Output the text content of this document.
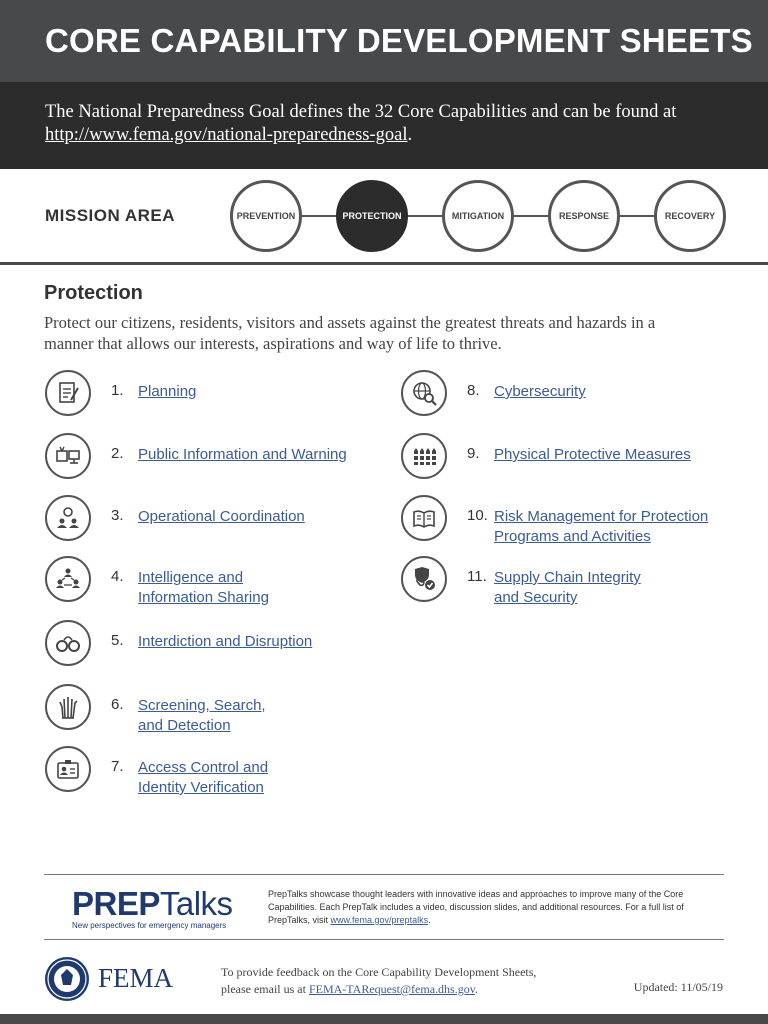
CORE CAPABILITY DEVELOPMENT SHEETS

The National Preparedness Goal defines the 32 Core Capabilities and can be found at http://www.fema.gov/national-preparedness-goal.

MISSION AREA	PREVENTION	PROTECTION	MITIGATION	RESPONSE	RECOVERY
Protection

Protect our citizens, residents, visitors and assets against the greatest threats and hazards in a manner that allows our interests, aspirations and way of life to thrive.

1. Planning
2. Public Information and Warning
3. Operational Coordination
4. Intelligence and Information Sharing
5. Interdiction and Disruption
6. Screening, Search, and Detection
7. Access Control and Identity Verification
8. Cybersecurity
9. Physical Protective Measures
10. Risk Management for Protection Programs and Activities
11. Supply Chain Integrity and Security
PREPTalks
New perspectives for emergency managers
PrepTalks showcase thought leaders with innovative ideas and approaches to improve many of the Core Capabilities. Each PrepTalk includes a video, discussion slides, and additional resources. For a full list of PrepTalks, visit www.fema.gov/preptalks.
FEMA	To provide feedback on the Core Capability Development Sheets, please email us at FEMA-TARequest@fema.dhs.gov.	Updated: 11/05/19
